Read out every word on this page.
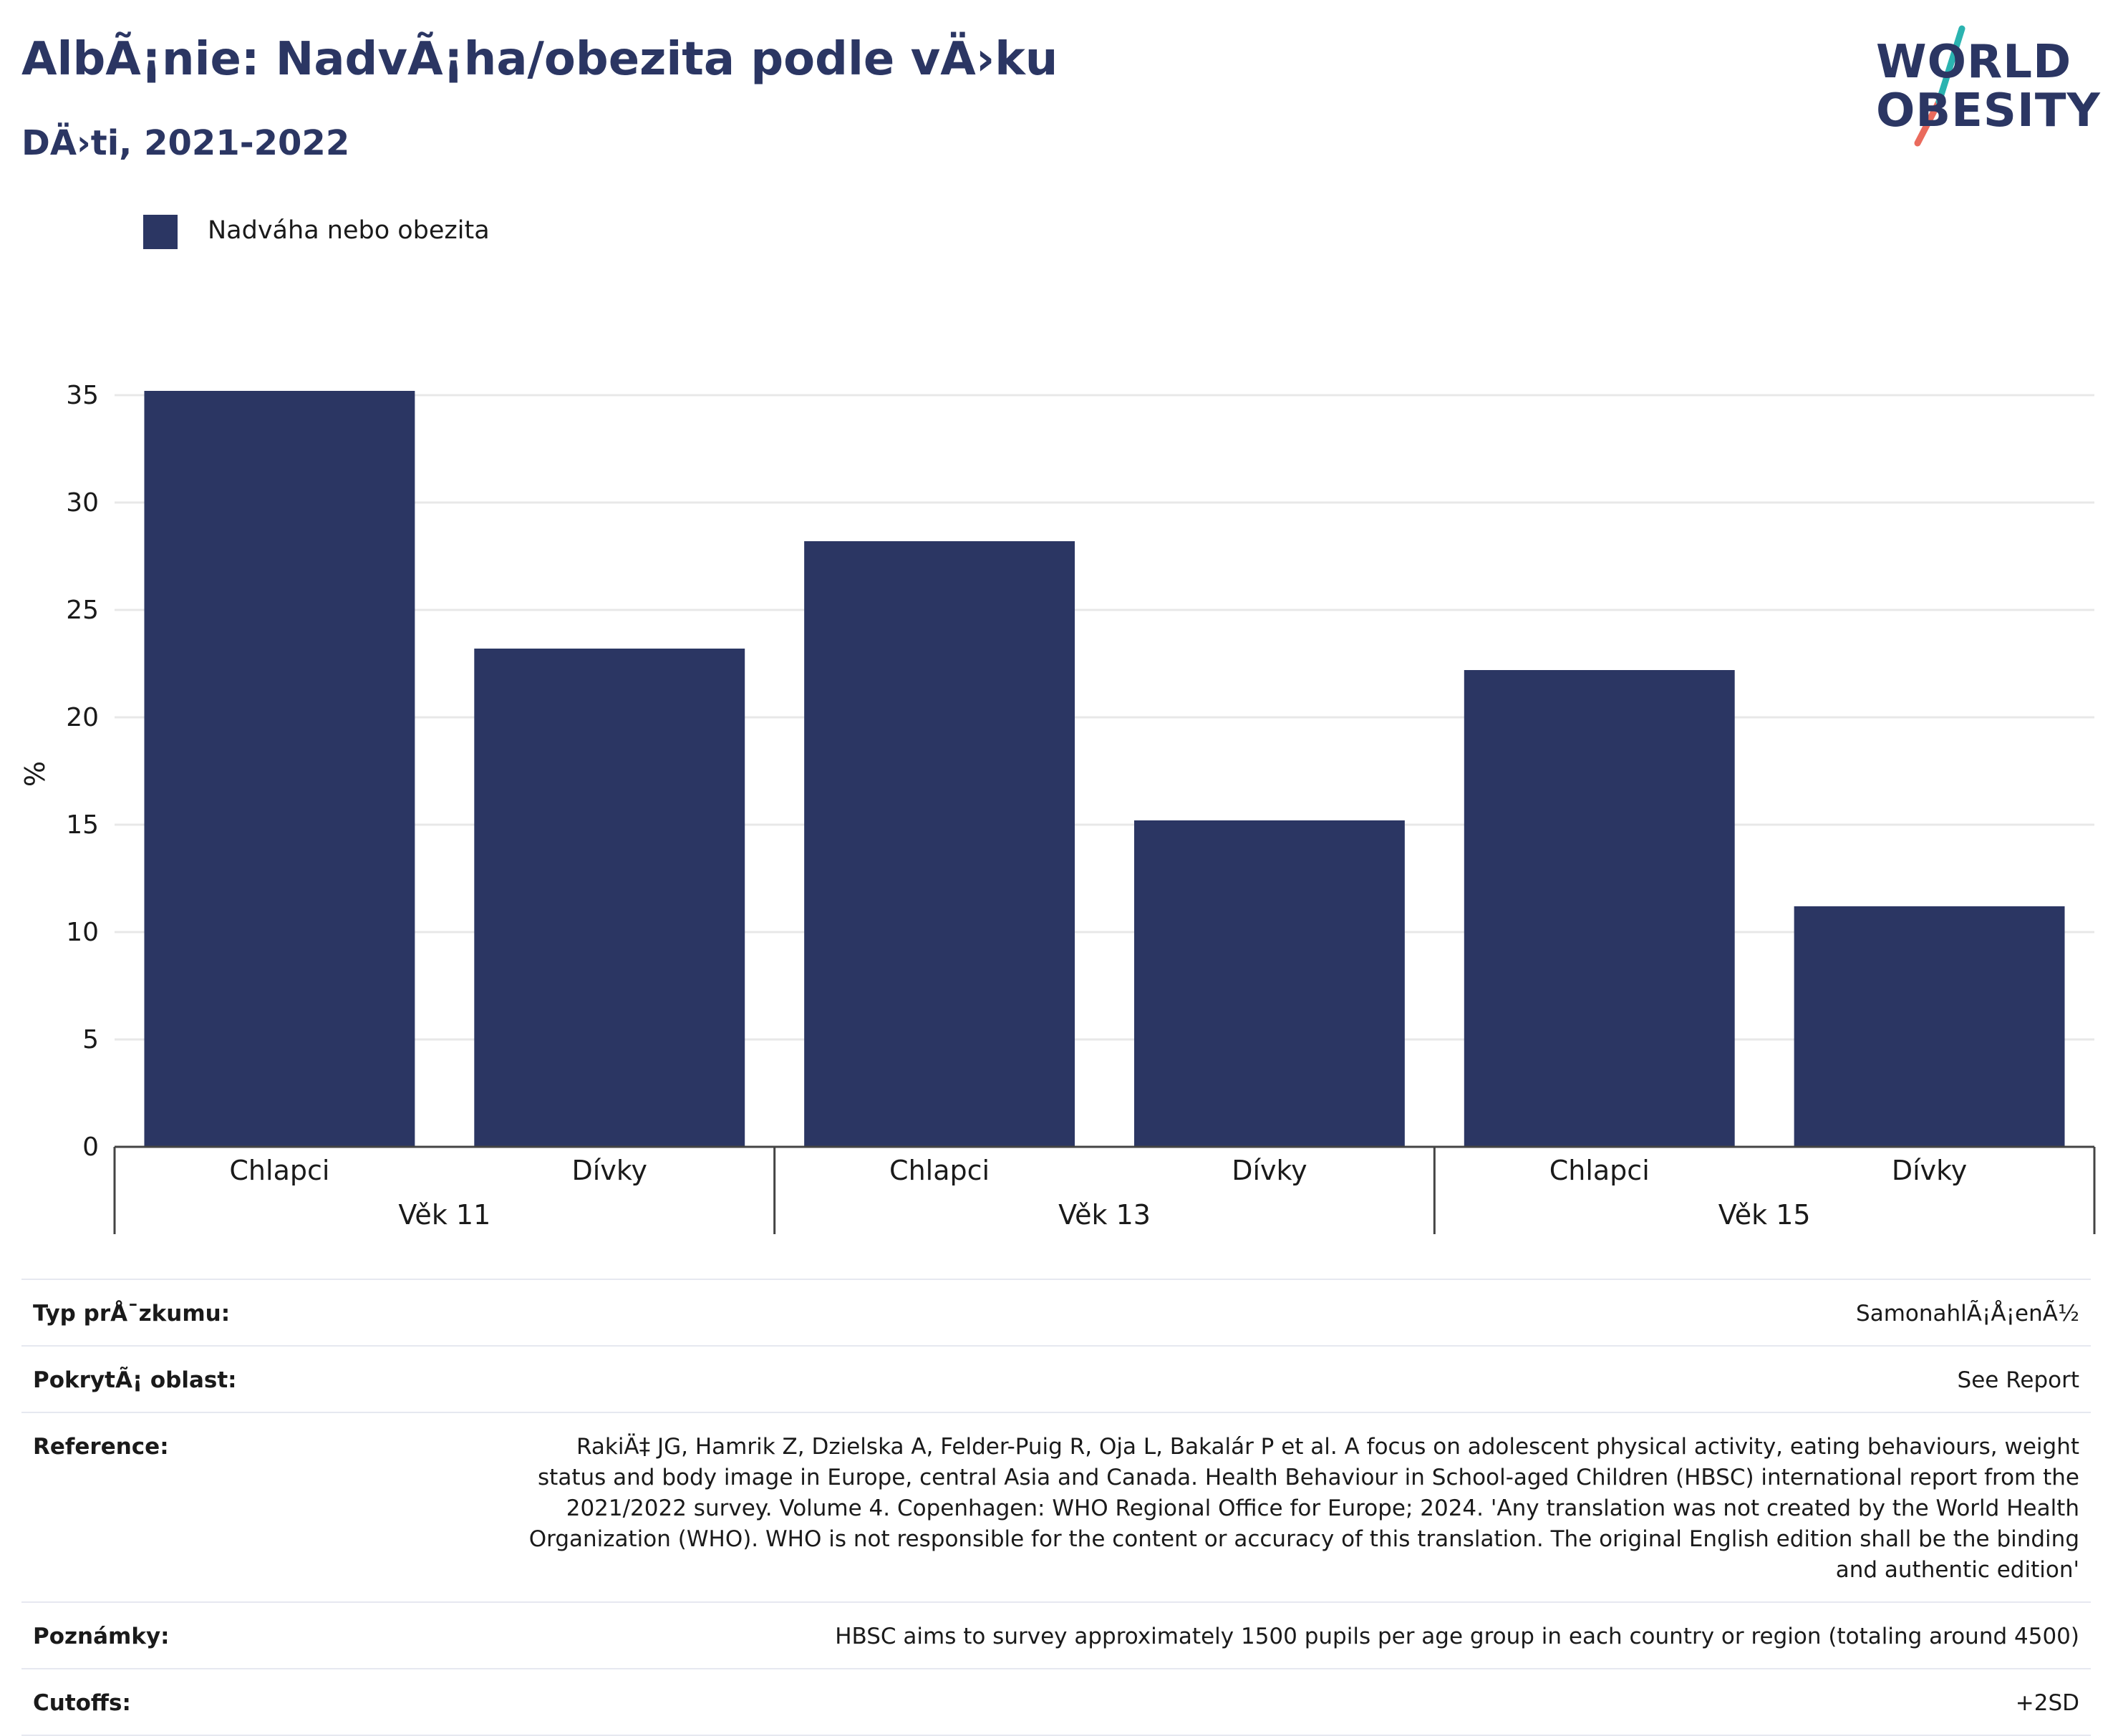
AlbÃ¡nie: NadvÃ¡ha/obezita podle vÄ›ku
DÄ›ti, 2021-2022
WORLD
OBESITY
Nadváha nebo obezita
0
5
10
15
20
25
30
35
%
Chlapci	Dívky	Chlapci	Dívky	Chlapci	Dívky
Věk 11	Věk 13	Věk 15
Typ prÅ¯zkumu:	SamonahlÃ¡Å¡enÃ½
PokrytÃ¡ oblast:	See Report
Reference:	RakiÄ‡ JG, Hamrik Z, Dzielska A, Felder-Puig R, Oja L, Bakalár P et al. A focus on adolescent physical activity, eating behaviours, weight status and body image in Europe, central Asia and Canada. Health Behaviour in School-aged Children (HBSC) international report from the 2021/2022 survey. Volume 4. Copenhagen: WHO Regional Office for Europe; 2024. 'Any translation was not created by the World Health Organization (WHO). WHO is not responsible for the content or accuracy of this translation. The original English edition shall be the binding and authentic edition'
Poznámky:	HBSC aims to survey approximately 1500 pupils per age group in each country or region (totaling around 4500)
Cutoffs:	+2SD
